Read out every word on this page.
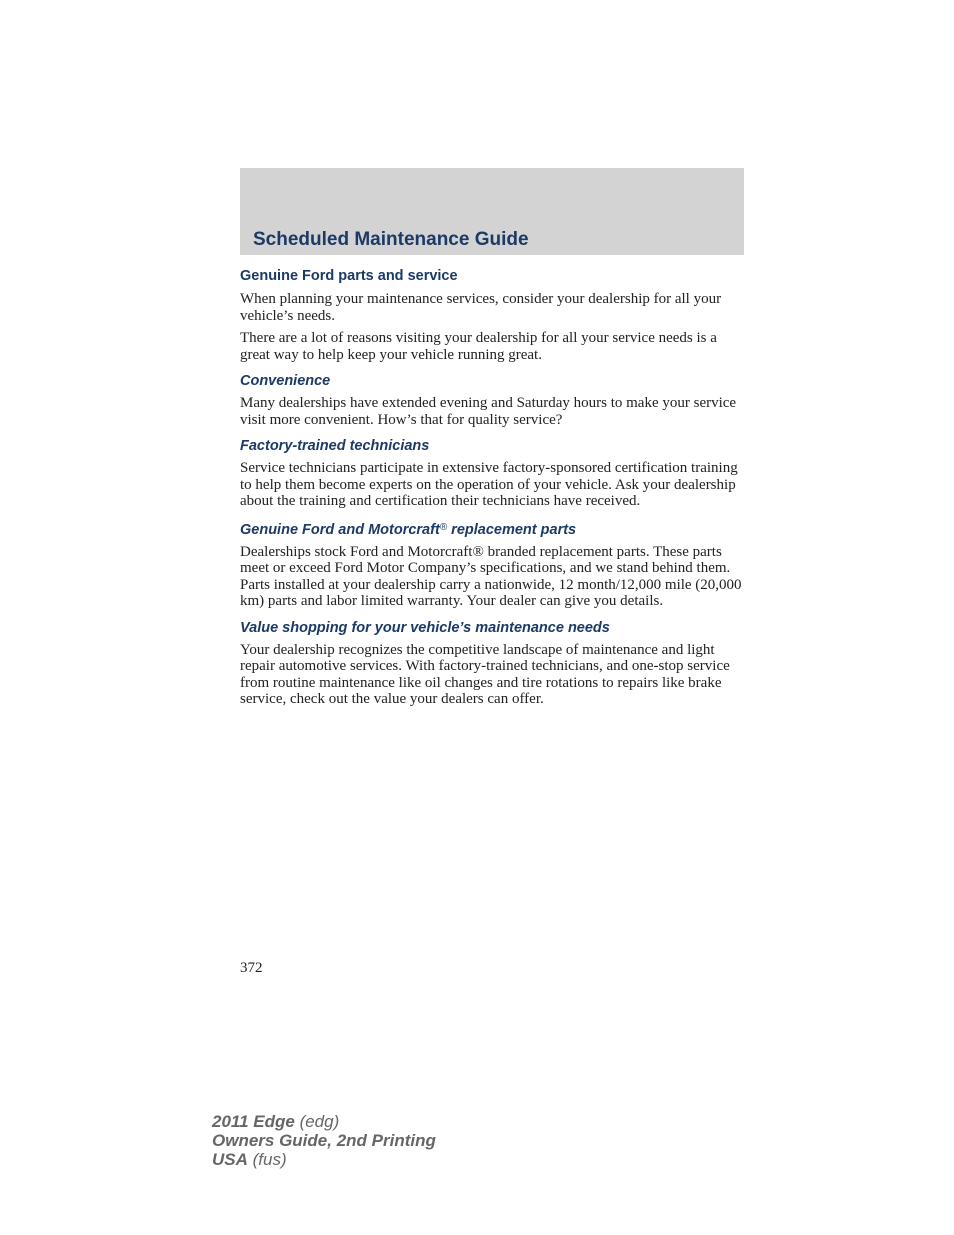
Scheduled Maintenance Guide
Genuine Ford parts and service

When planning your maintenance services, consider your dealership for all your vehicle’s needs.

There are a lot of reasons visiting your dealership for all your service needs is a great way to help keep your vehicle running great.

Convenience

Many dealerships have extended evening and Saturday hours to make your service visit more convenient. How’s that for quality service?

Factory-trained technicians

Service technicians participate in extensive factory-sponsored certification training to help them become experts on the operation of your vehicle. Ask your dealership about the training and certification their technicians have received.

Genuine Ford and Motorcraft® replacement parts

Dealerships stock Ford and Motorcraft® branded replacement parts. These parts meet or exceed Ford Motor Company’s specifications, and we stand behind them. Parts installed at your dealership carry a nationwide, 12 month/12,000 mile (20,000 km) parts and labor limited warranty. Your dealer can give you details.

Value shopping for your vehicle’s maintenance needs

Your dealership recognizes the competitive landscape of maintenance and light repair automotive services. With factory-trained technicians, and one-stop service from routine maintenance like oil changes and tire rotations to repairs like brake service, check out the value your dealers can offer.

372
2011 Edge (edg)
Owners Guide, 2nd Printing
USA (fus)
